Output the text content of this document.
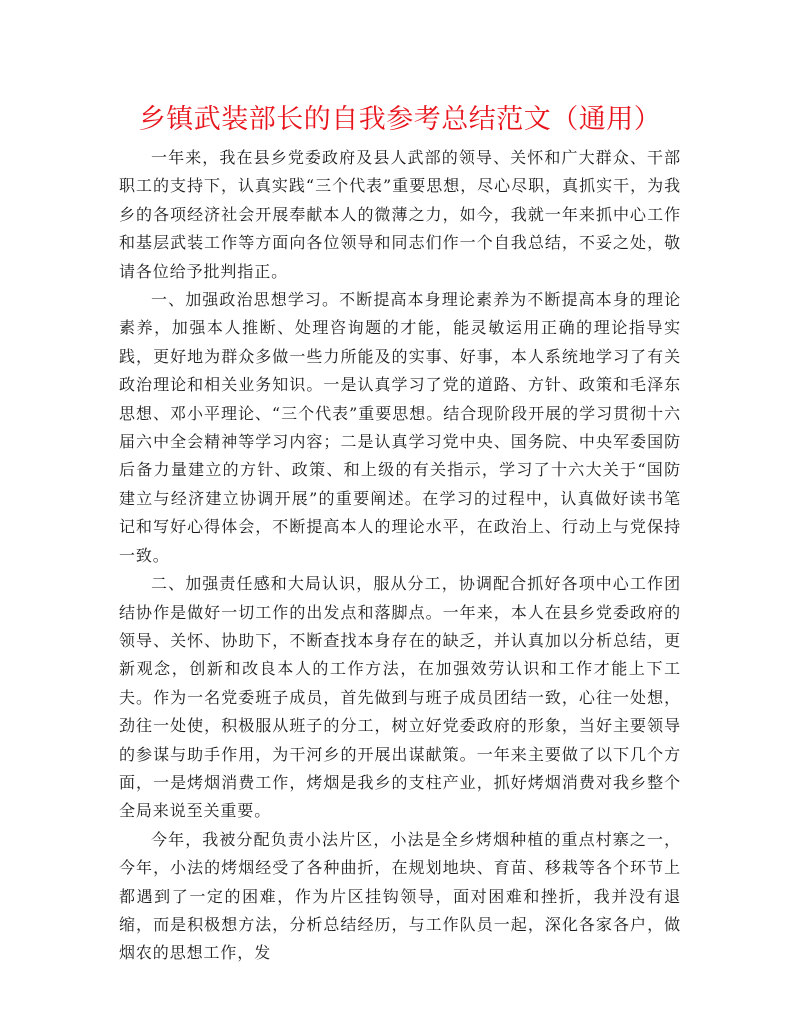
乡镇武装部长的自我参考总结范文（通用）

一年来，我在县乡党委政府及县人武部的领导、关怀和广大群众、干部职工的支持下，认真实践“三个代表”重要思想，尽心尽职，真抓实干，为我乡的各项经济社会开展奉献本人的微薄之力，如今，我就一年来抓中心工作和基层武装工作等方面向各位领导和同志们作一个自我总结，不妥之处，敬请各位给予批判指正。

一、加强政治思想学习。不断提高本身理论素养为不断提高本身的理论素养，加强本人推断、处理咨询题的才能，能灵敏运用正确的理论指导实践，更好地为群众多做一些力所能及的实事、好事，本人系统地学习了有关政治理论和相关业务知识。一是认真学习了党的道路、方针、政策和毛泽东思想、邓小平理论、“三个代表”重要思想。结合现阶段开展的学习贯彻十六届六中全会精神等学习内容；二是认真学习党中央、国务院、中央军委国防后备力量建立的方针、政策、和上级的有关指示，学习了十六大关于“国防建立与经济建立协调开展”的重要阐述。在学习的过程中，认真做好读书笔记和写好心得体会，不断提高本人的理论水平，在政治上、行动上与党保持一致。

二、加强责任感和大局认识，服从分工，协调配合抓好各项中心工作团结协作是做好一切工作的出发点和落脚点。一年来，本人在县乡党委政府的领导、关怀、协助下，不断查找本身存在的缺乏，并认真加以分析总结，更新观念，创新和改良本人的工作方法，在加强效劳认识和工作才能上下工夫。作为一名党委班子成员，首先做到与班子成员团结一致，心往一处想，劲往一处使，积极服从班子的分工，树立好党委政府的形象，当好主要领导的参谋与助手作用，为干河乡的开展出谋献策。一年来主要做了以下几个方面，一是烤烟消费工作，烤烟是我乡的支柱产业，抓好烤烟消费对我乡整个全局来说至关重要。

今年，我被分配负责小法片区，小法是全乡烤烟种植的重点村寨之一，今年，小法的烤烟经受了各种曲折，在规划地块、育苗、移栽等各个环节上都遇到了一定的困难，作为片区挂钩领导，面对困难和挫折，我并没有退缩，而是积极想方法，分析总结经历，与工作队员一起，深化各家各户，做烟农的思想工作，发
